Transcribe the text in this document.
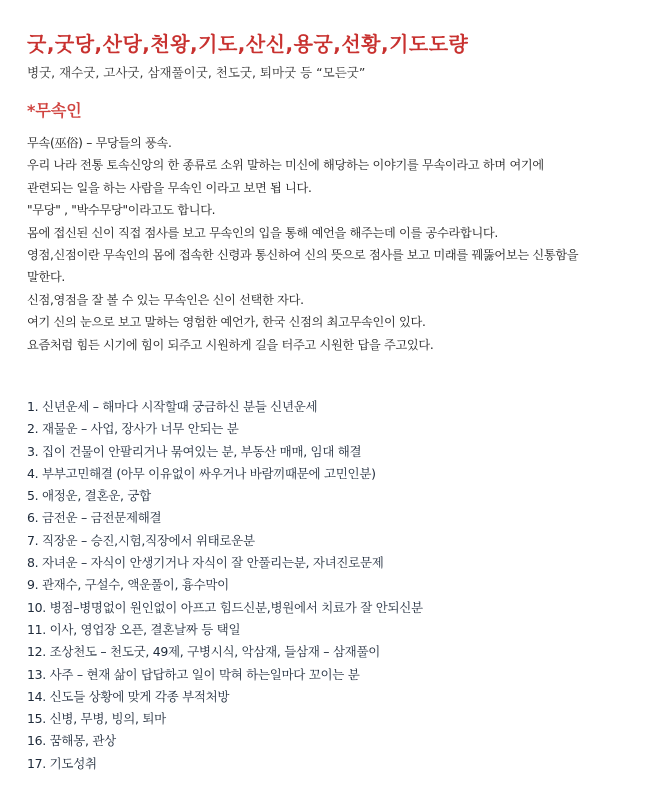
굿,굿당,산당,천왕,기도,산신,용궁,선황,기도도량
병굿, 재수굿, 고사굿, 삼재풀이굿, 천도굿, 퇴마굿 등 “모든굿”
*무속인
무속(巫俗) – 무당들의 풍속.
우리 나라 전통 토속신앙의 한 종류로 소위 말하는 미신에 해당하는 이야기를 무속이라고 하며 여기에
관련되는 일을 하는 사람을 무속인 이라고 보면 됩 니다.
"무당" , "박수무당"이라고도 합니다.
몸에 접신된 신이 직접 점사를 보고 무속인의 입을 통해 예언을 해주는데 이를 공수라합니다.
영점,신점이란 무속인의 몸에 접속한 신령과 통신하여 신의 뜻으로 점사를 보고 미래를 꿰뚫어보는 신통함을
말한다.
신점,영점을 잘 볼 수 있는 무속인은 신이 선택한 자다.
여기 신의 눈으로 보고 말하는 영험한 예언가, 한국 신점의 최고무속인이 있다.
요즘처럼 힘든 시기에 힘이 되주고 시원하게 길을 터주고 시원한 답을 주고있다.
1. 신년운세 – 해마다 시작할때 궁금하신 분들 신년운세
2. 재물운 – 사업, 장사가 너무 안되는 분
3. 집이 건물이 안팔리거나 묶여있는 분, 부동산 매매, 임대 해결
4. 부부고민해결 (아무 이유없이 싸우거나 바람끼때문에 고민인분)
5. 애정운, 결혼운, 궁합
6. 금전운 – 금전문제해결
7. 직장운 – 승진,시험,직장에서 위태로운분
8. 자녀운 – 자식이 안생기거나 자식이 잘 안풀리는분, 자녀진로문제
9. 관재수, 구설수, 액운풀이, 흉수막이
10. 병점–병명없이 원인없이 아프고 힘드신분,병원에서 치료가 잘 안되신분
11. 이사, 영업장 오픈, 결혼날짜 등 택일
12. 조상천도 – 천도굿, 49제, 구병시식, 악삼재, 들삼재 – 삼재풀이
13. 사주 – 현재 삶이 답답하고 일이 막혀 하는일마다 꼬이는 분
14. 신도들 상황에 맞게 각종 부적처방
15. 신병, 무병, 빙의, 퇴마
16. 꿈해몽, 관상
17. 기도성취
